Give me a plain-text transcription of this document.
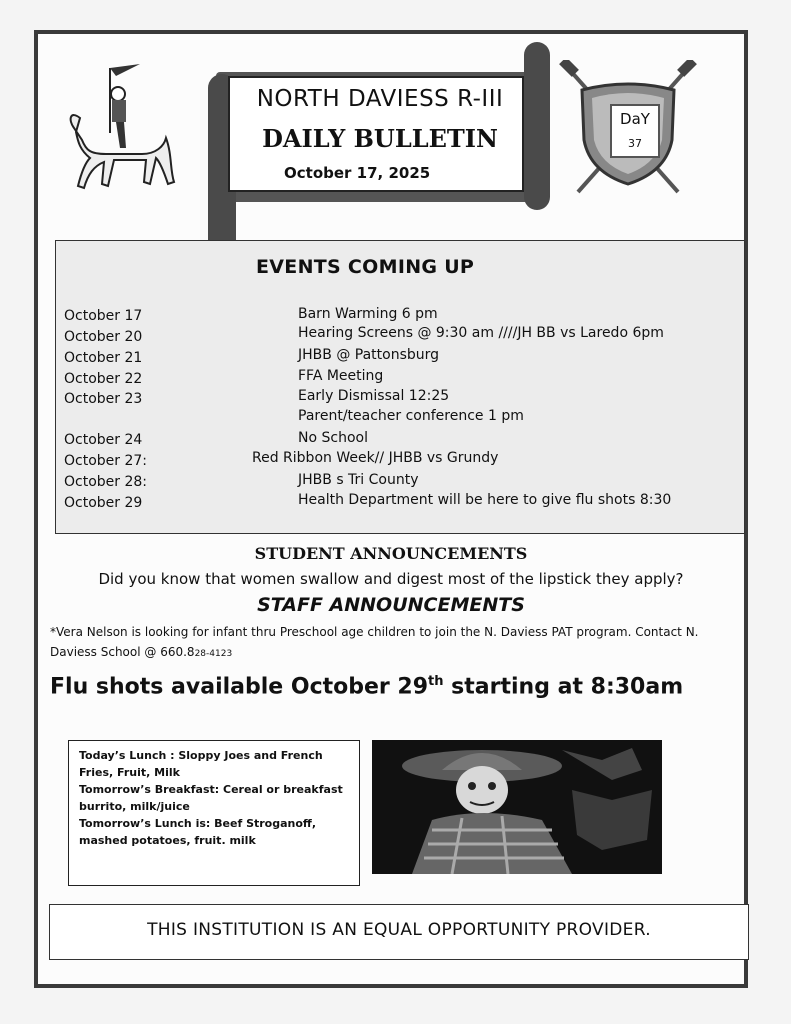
NORTH DAVIESS R-III
DAILY BULLETIN
October 17, 2025
DaY
37
EVENTS COMING UP
October 17	Barn Warming 6 pm
October 20	Hearing Screens @ 9:30 am ////JH BB vs Laredo 6pm
October 21	JHBB @ Pattonsburg
October 22	FFA Meeting
October 23	Early Dismissal 12:25
Parent/teacher conference 1 pm
October 24	No School
October 27:	Red Ribbon Week// JHBB vs Grundy
October 28:	JHBB s Tri County
October 29	Health Department will be here to give flu shots 8:30
STUDENT ANNOUNCEMENTS
Did you know that women swallow and digest most of the lipstick they apply?
STAFF ANNOUNCEMENTS
*Vera Nelson is looking for infant thru Preschool age children to join the N. Daviess PAT program. Contact N. Daviess School @ 660.828-4123
Flu shots available October 29th starting at 8:30am
Today’s Lunch : Sloppy Joes and French Fries, Fruit, Milk
Tomorrow’s Breakfast: Cereal or breakfast burrito, milk/juice
Tomorrow’s Lunch is: Beef Stroganoff, mashed potatoes, fruit. milk
THIS INSTITUTION IS AN EQUAL OPPORTUNITY PROVIDER.
